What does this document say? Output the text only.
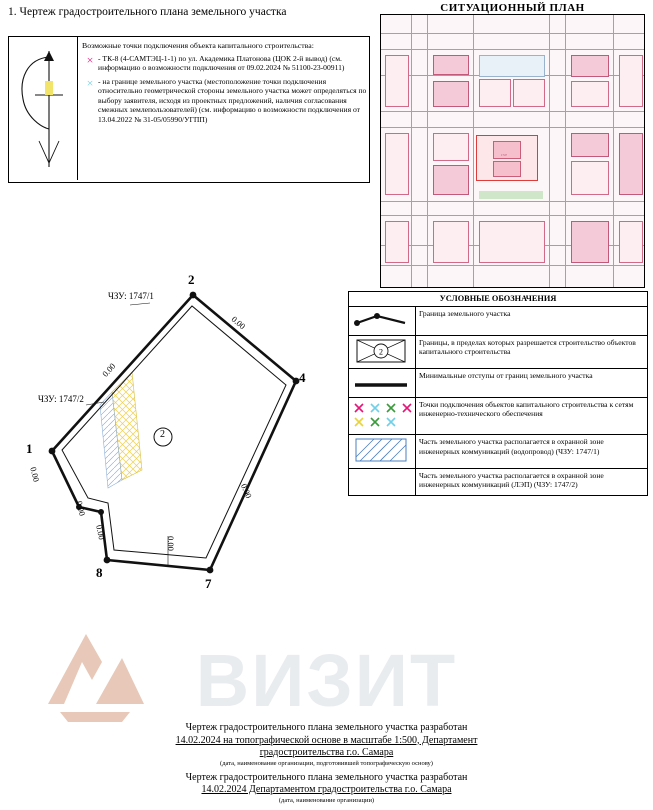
1. Чертеж градостроительного плана земельного участка	СИТУАЦИОННЫЙ ПЛАН
1747
Возможные точки подключения объекта капитального строительства:
× - ТК-8 (4-САМТЭЦ-1-1) по ул. Академика Платонова (ЦОК 2-й вывод) (см. информацию о возможности подключения от 09.02.2024 № 51100-23-00911)
× - на границе земельного участка (местоположение точки подключения относительно геометрической стороны земельного участка может определяться по выбору заявителя, исходя из проектных предложений, наличия согласования смежных землепользователей) (см. информацию о возможности подключения от 13.04.2022 № 31-05/05990/УГПП)
2
1
2
4
7
8
ЧЗУ: 1747/1
ЧЗУ: 1747/2
0.00
0.00
0.00
0.00
0.00
0.00
0.00
УСЛОВНЫЕ ОБОЗНАЧЕНИЯ
Граница земельного участка
2
Границы, в пределах которых разрешается строительство объектов капитального строительства
Минимальные отступы от границ земельного участка
Точки подключения объектов капитального строительства к сетям инженерно-технического обеспечения
Часть земельного участка располагается в охранной зоне инженерных коммуникаций (водопровод) (ЧЗУ: 1747/1)
Часть земельного участка располагается в охранной зоне инженерных коммуникаций (ЛЭП) (ЧЗУ: 1747/2)
ВИЗИТ
Чертеж градостроительного плана земельного участка разработан
14.02.2024 на топографической основе в масштабе 1:500, Департамент
градостроительства г.о. Самара
(дата, наименование организации, подготовившей топографическую основу)
Чертеж градостроительного плана земельного участка разработан
14.02.2024 Департаментом градостроительства г.о. Самара
(дата, наименование организации)
